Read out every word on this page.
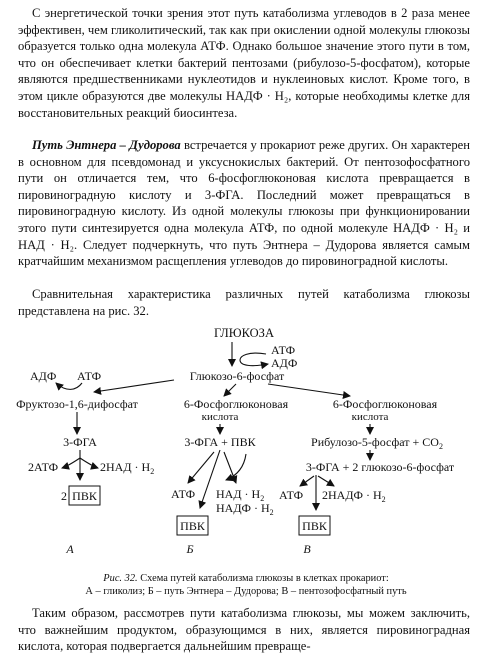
С энергетической точки зрения этот путь катаболизма углеводов в 2 раза менее эффективен, чем гликолитический, так как при окислении одной молекулы глюкозы образуется только одна молекула АТФ. Однако большое значение этого пути в том, что он обеспечивает клетки бактерий пентозами (рибулозо-5-фосфатом), которые являются предшественниками нуклеотидов и нуклеиновых кислот. Кроме того, в этом цикле образуются две молекулы НАДФ · Н₂, которые необходимы клетке для восстановительных реакций биосинтеза.
Путь Энтнера – Дудорова встречается у прокариот реже других. Он характерен в основном для псевдомонад и уксуснокислых бактерий. От пентозофосфатного пути он отличается тем, что 6-фосфоглюконовая кислота превращается в пировиноградную кислоту и 3-ФГА. Последний может превращаться в пировиноградную кислоту. Из одной молекулы глюкозы при функционировании этого пути синтезируется одна молекула АТФ, по одной молекуле НАДФ · Н₂ и НАД · Н₂. Следует подчеркнуть, что путь Энтнера – Дудорова является самым кратчайшим механизмом расщепления углеводов до пировиноградной кислоты.
Сравнительная характеристика различных путей катаболизма глюкозы представлена на рис. 32.
ГЛЮКОЗА
АТФ
АДФ
Глюкозо-6-фосфат
АДФ АТФ
Фруктозо-1,6-дифосфат	6-Фосфоглюконовая
кислота
6-Фосфоглюконовая
кислота
3-ФГА	3-ФГА + ПВК	Рибулозо-5-фосфат + $CO_2$
2АТФ	$2НАД \cdot Н_2$	3-ФГА + 2 глюкозо-6-фосфат
АТФ НАД · $Н_2$
НАДФ · $Н_2$
АТФ 2НАДФ · $Н_2$
2 ПВК
ПВК	ПВК
А	Б	В
Рис. 32. Схема путей катаболизма глюкозы в клетках прокариот:
А – гликолиз; Б – путь Энтнера – Дудорова; В – пентозофосфатный путь
Таким образом, рассмотрев пути катаболизма глюкозы, мы можем заключить, что важнейшим продуктом, образующимся в них, является пировиноградная кислота, которая подвергается дальнейшим превраще-
